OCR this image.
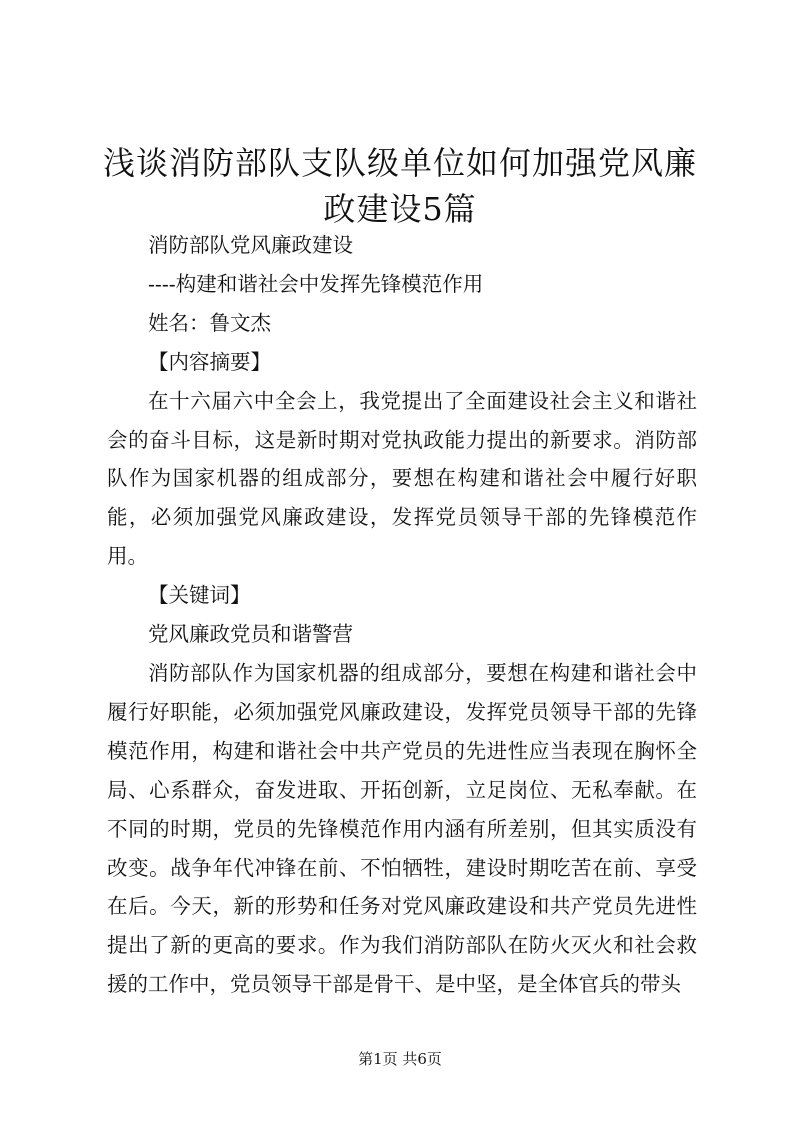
浅谈消防部队支队级单位如何加强党风廉政建设5篇

消防部队党风廉政建设

----构建和谐社会中发挥先锋模范作用

姓名：鲁文杰

【内容摘要】

在十六届六中全会上，我党提出了全面建设社会主义和谐社会的奋斗目标，这是新时期对党执政能力提出的新要求。消防部队作为国家机器的组成部分，要想在构建和谐社会中履行好职能，必须加强党风廉政建设，发挥党员领导干部的先锋模范作用。

【关键词】

党风廉政党员和谐警营

消防部队作为国家机器的组成部分，要想在构建和谐社会中履行好职能，必须加强党风廉政建设，发挥党员领导干部的先锋模范作用，构建和谐社会中共产党员的先进性应当表现在胸怀全局、心系群众，奋发进取、开拓创新，立足岗位、无私奉献。在不同的时期，党员的先锋模范作用内涵有所差别，但其实质没有改变。战争年代冲锋在前、不怕牺牲，建设时期吃苦在前、享受在后。今天，新的形势和任务对党风廉政建设和共产党员先进性提出了新的更高的要求。作为我们消防部队在防火灭火和社会救援的工作中，党员领导干部是骨干、是中坚，是全体官兵的带头

第1页 共6页
